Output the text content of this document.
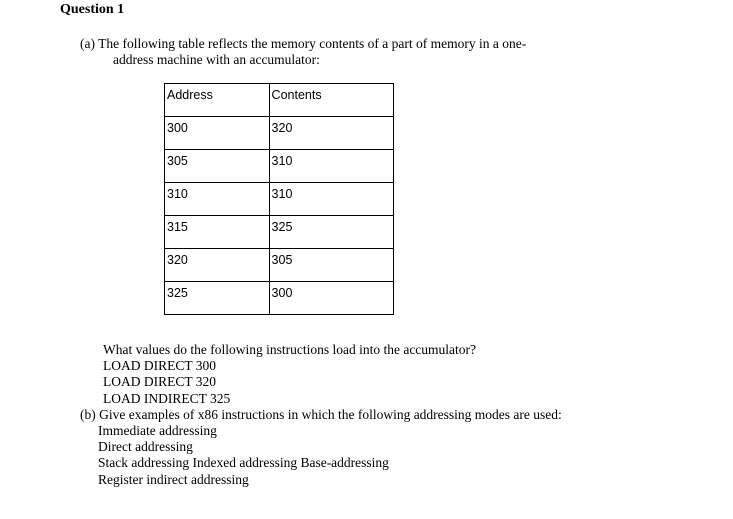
Question 1
(a) The following table reflects the memory contents of a part of memory in a one-
address machine with an accumulator:
Address	Contents
300	320
305	310
310	310
315	325
320	305
325	300
What values do the following instructions load into the accumulator?
LOAD DIRECT 300
LOAD DIRECT 320
LOAD INDIRECT 325
(b) Give examples of x86 instructions in which the following addressing modes are used:
Immediate addressing
Direct addressing
Stack addressing Indexed addressing Base-addressing
Register indirect addressing
